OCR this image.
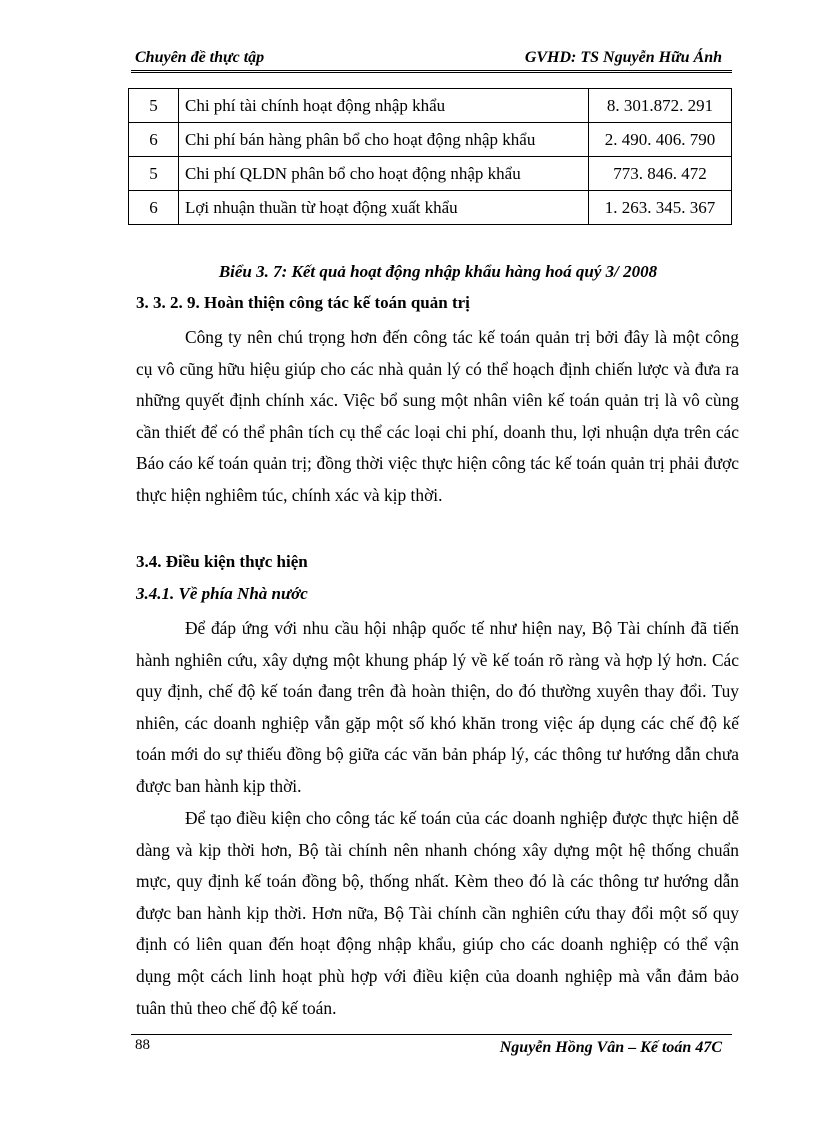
Chuyên đề thực tập	GVHD: TS Nguyễn Hữu Ánh
5	Chi phí tài chính hoạt động nhập khẩu	8. 301.872. 291
6	Chi phí bán hàng phân bổ cho hoạt động nhập khẩu	2. 490. 406. 790
5	Chi phí QLDN phân bổ cho hoạt động nhập khẩu	773. 846. 472
6	Lợi nhuận thuần từ hoạt động xuất khẩu	1. 263. 345. 367
Biểu 3. 7: Kết quả hoạt động nhập khẩu hàng hoá quý 3/ 2008
3. 3. 2. 9. Hoàn thiện công tác kế toán quản trị

Công ty nên chú trọng hơn đến công tác kế toán quản trị bởi đây là một công cụ vô cũng hữu hiệu giúp cho các nhà quản lý có thể hoạch định chiến lược và đưa ra những quyết định chính xác. Việc bổ sung một nhân viên kế toán quản trị là vô cùng cần thiết để có thể phân tích cụ thể các loại chi phí, doanh thu, lợi nhuận dựa trên các Báo cáo kế toán quản trị; đồng thời việc thực hiện công tác kế toán quản trị phải được thực hiện nghiêm túc, chính xác và kịp thời.

3.4. Điều kiện thực hiện
3.4.1. Về phía Nhà nước

Để đáp ứng với nhu cầu hội nhập quốc tế như hiện nay, Bộ Tài chính đã tiến hành nghiên cứu, xây dựng một khung pháp lý về kế toán rõ ràng và hợp lý hơn. Các quy định, chế độ kế toán đang trên đà hoàn thiện, do đó thường xuyên thay đổi. Tuy nhiên, các doanh nghiệp vẫn gặp một số khó khăn trong việc áp dụng các chế độ kế toán mới do sự thiếu đồng bộ giữa các văn bản pháp lý, các thông tư hướng dẫn chưa được ban hành kịp thời.

Để tạo điều kiện cho công tác kế toán của các doanh nghiệp được thực hiện dễ dàng và kịp thời hơn, Bộ tài chính nên nhanh chóng xây dựng một hệ thống chuẩn mực, quy định kế toán đồng bộ, thống nhất. Kèm theo đó là các thông tư hướng dẫn được ban hành kịp thời. Hơn nữa, Bộ Tài chính cần nghiên cứu thay đổi một số quy định có liên quan đến hoạt động nhập khẩu, giúp cho các doanh nghiệp có thể vận dụng một cách linh hoạt phù hợp với điều kiện của doanh nghiệp mà vẫn đảm bảo tuân thủ theo chế độ kế toán.

88	Nguyễn Hồng Vân – Kế toán 47C
